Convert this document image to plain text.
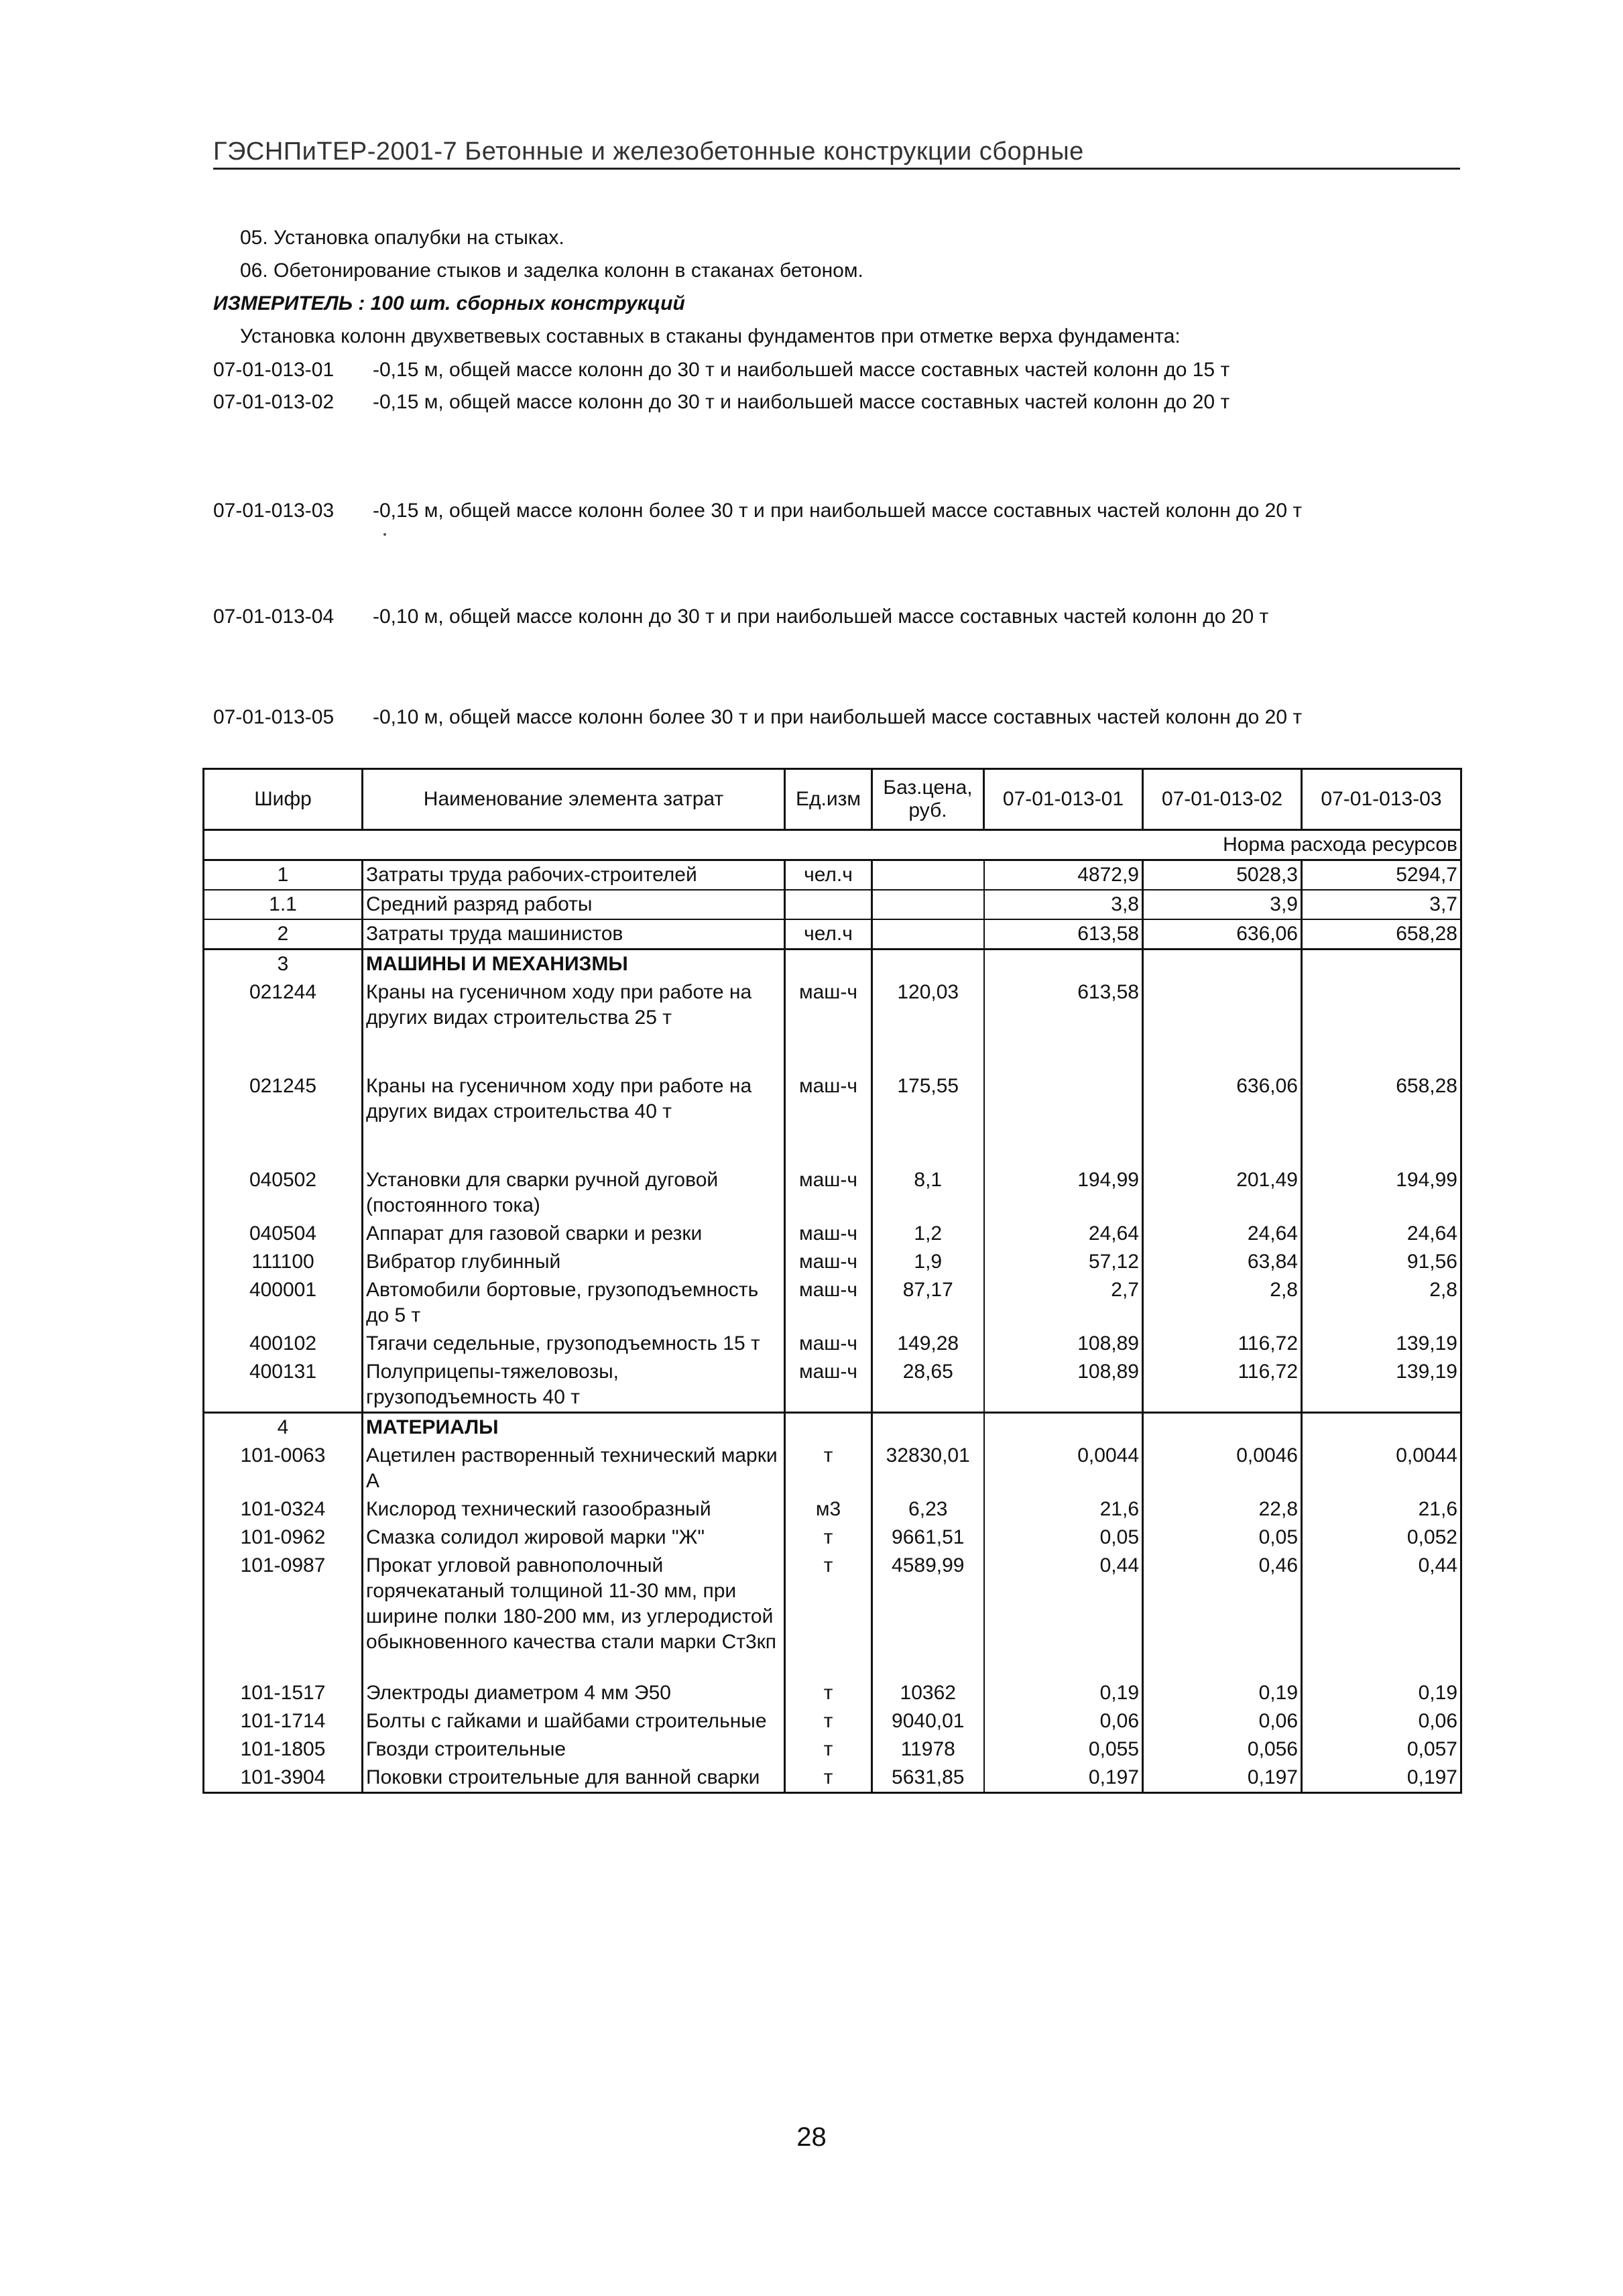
ГЭСНПиТЕР-2001-7 Бетонные и железобетонные конструкции сборные
05. Установка опалубки на стыках.
06. Обетонирование стыков и заделка колонн в стаканах бетоном.
ИЗМЕРИТЕЛЬ : 100 шт. сборных конструкций
Установка колонн двухветвевых составных в стаканы фундаментов при отметке верха фундамента:
07-01-013-01 -0,15 м, общей массе колонн до 30 т и наибольшей массе составных частей колонн до 15 т
07-01-013-02 -0,15 м, общей массе колонн до 30 т и наибольшей массе составных частей колонн до 20 т
07-01-013-03 -0,15 м, общей массе колонн более 30 т и при наибольшей массе составных частей колонн до 20 т
07-01-013-04 -0,10 м, общей массе колонн до 30 т и при наибольшей массе составных частей колонн до 20 т
07-01-013-05 -0,10 м, общей массе колонн более 30 т и при наибольшей массе составных частей колонн до 20 т
Шифр	Наименование элемента затрат	Ед.изм	Баз.цена, руб.	07-01-013-01	07-01-013-02	07-01-013-03
Норма расхода ресурсов						
1	Затраты труда рабочих-строителей	чел.ч		4872,9	5028,3	5294,7
1.1	Средний разряд работы			3,8	3,9	3,7
2	Затраты труда машинистов	чел.ч		613,58	636,06	658,28
3	МАШИНЫ И МЕХАНИЗМЫ					
021244	Краны на гусеничном ходу при работе на других видах строительства 25 т	маш-ч	120,03	613,58		
021245	Краны на гусеничном ходу при работе на других видах строительства 40 т	маш-ч	175,55		636,06	658,28
040502	Установки для сварки ручной дуговой (постоянного тока)	маш-ч	8,1	194,99	201,49	194,99
040504	Аппарат для газовой сварки и резки	маш-ч	1,2	24,64	24,64	24,64
111100	Вибратор глубинный	маш-ч	1,9	57,12	63,84	91,56
400001	Автомобили бортовые, грузоподъемность до 5 т	маш-ч	87,17	2,7	2,8	2,8
400102	Тягачи седельные, грузоподъемность 15 т	маш-ч	149,28	108,89	116,72	139,19
400131	Полуприцепы-тяжеловозы, грузоподъемность 40 т	маш-ч	28,65	108,89	116,72	139,19
4	МАТЕРИАЛЫ					
101-0063	Ацетилен растворенный технический марки А	т	32830,01	0,0044	0,0046	0,0044
101-0324	Кислород технический газообразный	м3	6,23	21,6	22,8	21,6
101-0962	Смазка солидол жировой марки "Ж"	т	9661,51	0,05	0,05	0,052
101-0987	Прокат угловой равнополочный горячекатаный толщиной 11-30 мм, при ширине полки 180-200 мм, из углеродистой обыкновенного качества стали марки Ст3кп	т	4589,99	0,44	0,46	0,44
101-1517	Электроды диаметром 4 мм Э50	т	10362	0,19	0,19	0,19
101-1714	Болты с гайками и шайбами строительные	т	9040,01	0,06	0,06	0,06
101-1805	Гвозди строительные	т	11978	0,055	0,056	0,057
101-3904	Поковки строительные для ванной сварки	т	5631,85	0,197	0,197	0,197
28
